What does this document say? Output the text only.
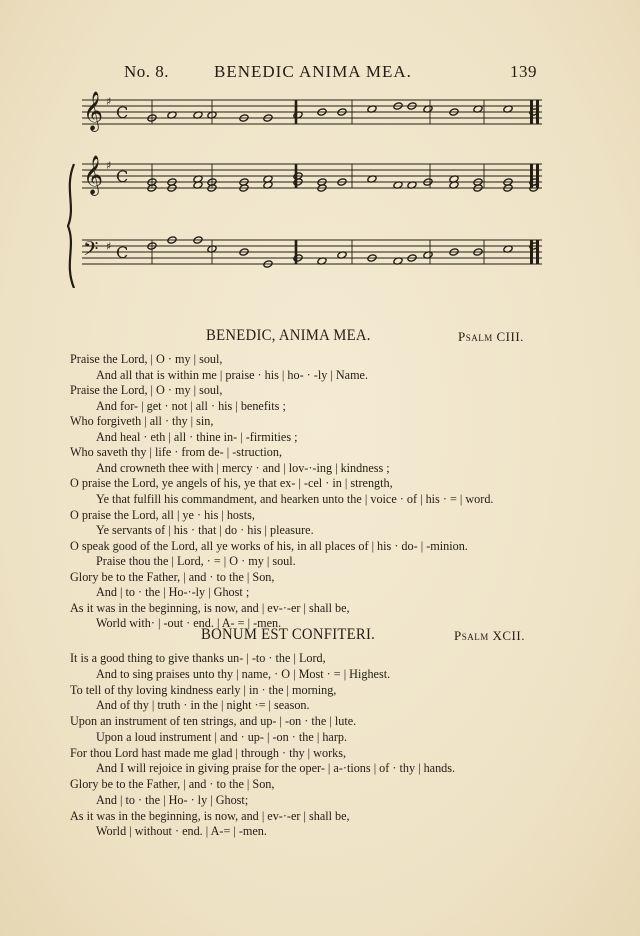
No. 8.	BENEDIC ANIMA MEA.	139
𝄞 ♯
C
𝄞 ♯
C
𝄢 ♯ C
BENEDIC, ANIMA MEA.	Psalm CIII.
BONUM EST CONFITERI.	Psalm XCII.
Praise the Lord, | O · my | soul,
And all that is within me | praise · his | ho- · -ly | Name.
Praise the Lord, | O · my | soul,
And for- | get · not | all · his | benefits ;
Who forgiveth | all · thy | sin,
And heal · eth | all · thine in- | -firmities ;
Who saveth thy | life · from de- | -struction,
And crowneth thee with | mercy · and | lov-·-ing | kindness ;
O praise the Lord, ye angels of his, ye that ex- | -cel · in | strength,
Ye that fulfill his commandment, and hearken unto the | voice · of | his · = | word.
O praise the Lord, all | ye · his | hosts,
Ye servants of | his · that | do · his | pleasure.
O speak good of the Lord, all ye works of his, in all places of | his · do- | -minion.
Praise thou the | Lord, · = | O · my | soul.
Glory be to the Father, | and · to the | Son,
And | to · the | Ho-·-ly | Ghost ;
As it was in the beginning, is now, and | ev-·-er | shall be,
World with· | -out · end. | A- = | -men.
It is a good thing to give thanks un- | -to · the | Lord,
And to sing praises unto thy | name, · O | Most · = | Highest.
To tell of thy loving kindness early | in · the | morning,
And of thy | truth · in the | night ·= | season.
Upon an instrument of ten strings, and up- | -on · the | lute.
Upon a loud instrument | and · up- | -on · the | harp.
For thou Lord hast made me glad | through · thy | works,
And I will rejoice in giving praise for the oper- | a-·tions | of · thy | hands.
Glory be to the Father, | and · to the | Son,
And | to · the | Ho- · ly | Ghost;
As it was in the beginning, is now, and | ev-·-er | shall be,
World | without · end. | A-= | -men.
